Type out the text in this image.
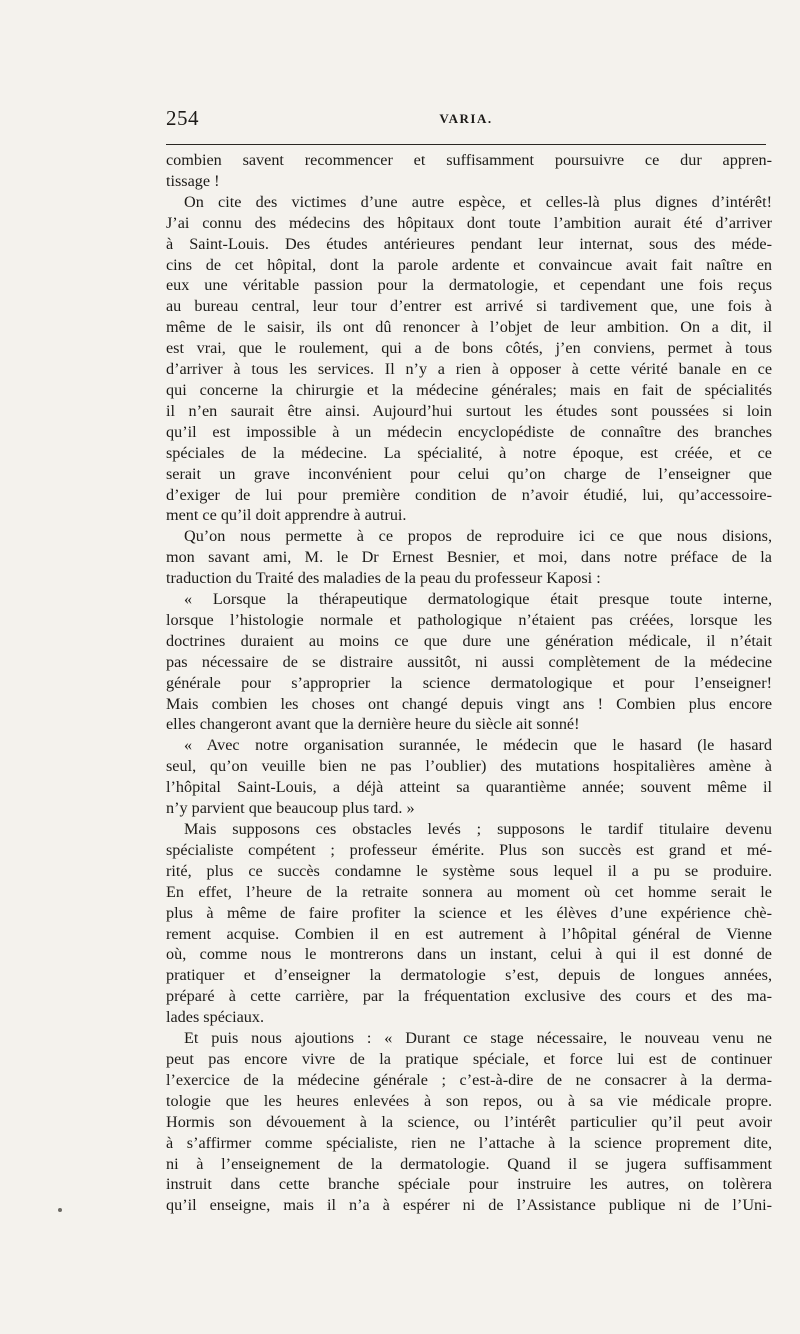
254	VARIA.
combien savent recommencer et suffisamment poursuivre ce dur appren-
tissage !
On cite des victimes d’une autre espèce, et celles-là plus dignes d’intérêt!
J’ai connu des médecins des hôpitaux dont toute l’ambition aurait été d’arriver
à Saint-Louis. Des études antérieures pendant leur internat, sous des méde-
cins de cet hôpital, dont la parole ardente et convaincue avait fait naître en
eux une véritable passion pour la dermatologie, et cependant une fois reçus
au bureau central, leur tour d’entrer est arrivé si tardivement que, une fois à
même de le saisir, ils ont dû renoncer à l’objet de leur ambition. On a dit, il
est vrai, que le roulement, qui a de bons côtés, j’en conviens, permet à tous
d’arriver à tous les services. Il n’y a rien à opposer à cette vérité banale en ce
qui concerne la chirurgie et la médecine générales; mais en fait de spécialités
il n’en saurait être ainsi. Aujourd’hui surtout les études sont poussées si loin
qu’il est impossible à un médecin encyclopédiste de connaître des branches
spéciales de la médecine. La spécialité, à notre époque, est créée, et ce
serait un grave inconvénient pour celui qu’on charge de l’enseigner que
d’exiger de lui pour première condition de n’avoir étudié, lui, qu’accessoire-
ment ce qu’il doit apprendre à autrui.
Qu’on nous permette à ce propos de reproduire ici ce que nous disions,
mon savant ami, M. le Dr Ernest Besnier, et moi, dans notre préface de la
traduction du Traité des maladies de la peau du professeur Kaposi :
« Lorsque la thérapeutique dermatologique était presque toute interne,
lorsque l’histologie normale et pathologique n’étaient pas créées, lorsque les
doctrines duraient au moins ce que dure une génération médicale, il n’était
pas nécessaire de se distraire aussitôt, ni aussi complètement de la médecine
générale pour s’approprier la science dermatologique et pour l’enseigner!
Mais combien les choses ont changé depuis vingt ans ! Combien plus encore
elles changeront avant que la dernière heure du siècle ait sonné!
« Avec notre organisation surannée, le médecin que le hasard (le hasard
seul, qu’on veuille bien ne pas l’oublier) des mutations hospitalières amène à
l’hôpital Saint-Louis, a déjà atteint sa quarantième année; souvent même il
n’y parvient que beaucoup plus tard. »
Mais supposons ces obstacles levés ; supposons le tardif titulaire devenu
spécialiste compétent ; professeur émérite. Plus son succès est grand et mé-
rité, plus ce succès condamne le système sous lequel il a pu se produire.
En effet, l’heure de la retraite sonnera au moment où cet homme serait le
plus à même de faire profiter la science et les élèves d’une expérience chè-
rement acquise. Combien il en est autrement à l’hôpital général de Vienne
où, comme nous le montrerons dans un instant, celui à qui il est donné de
pratiquer et d’enseigner la dermatologie s’est, depuis de longues années,
préparé à cette carrière, par la fréquentation exclusive des cours et des ma-
lades spéciaux.
Et puis nous ajoutions : « Durant ce stage nécessaire, le nouveau venu ne
peut pas encore vivre de la pratique spéciale, et force lui est de continuer
l’exercice de la médecine générale ; c’est-à-dire de ne consacrer à la derma-
tologie que les heures enlevées à son repos, ou à sa vie médicale propre.
Hormis son dévouement à la science, ou l’intérêt particulier qu’il peut avoir
à s’affirmer comme spécialiste, rien ne l’attache à la science proprement dite,
ni à l’enseignement de la dermatologie. Quand il se jugera suffisamment
instruit dans cette branche spéciale pour instruire les autres, on tolèrera
qu’il enseigne, mais il n’a à espérer ni de l’Assistance publique ni de l’Uni-
